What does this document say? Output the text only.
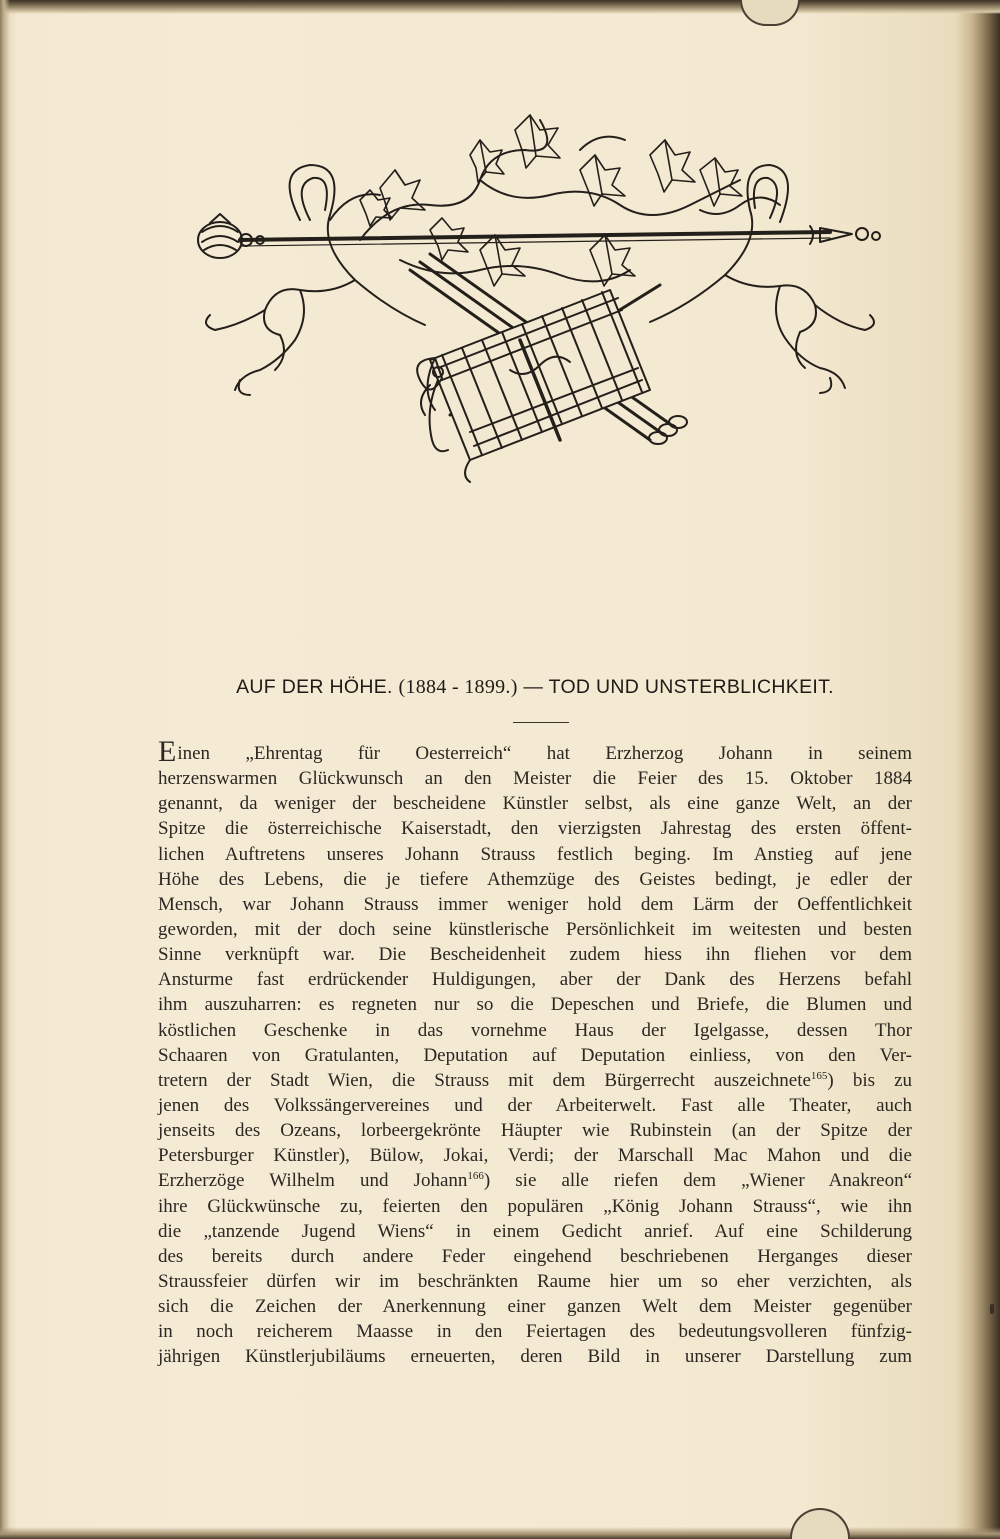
AUF DER HÖHE. (1884 - 1899.) — TOD UND UNSTERBLICHKEIT.
Einen „Ehrentag für Oesterreich“ hat Erzherzog Johann in seinem
herzenswarmen Glückwunsch an den Meister die Feier des 15. Oktober 1884
genannt, da weniger der bescheidene Künstler selbst, als eine ganze Welt, an der
Spitze die österreichische Kaiserstadt, den vierzigsten Jahrestag des ersten öffent-
lichen Auftretens unseres Johann Strauss festlich beging. Im Anstieg auf jene
Höhe des Lebens, die je tiefere Athemzüge des Geistes bedingt, je edler der
Mensch, war Johann Strauss immer weniger hold dem Lärm der Oeffentlichkeit
geworden, mit der doch seine künstlerische Persönlichkeit im weitesten und besten
Sinne verknüpft war. Die Bescheidenheit zudem hiess ihn fliehen vor dem
Ansturme fast erdrückender Huldigungen, aber der Dank des Herzens befahl
ihm auszuharren: es regneten nur so die Depeschen und Briefe, die Blumen und
köstlichen Geschenke in das vornehme Haus der Igelgasse, dessen Thor
Schaaren von Gratulanten, Deputation auf Deputation einliess, von den Ver-
tretern der Stadt Wien, die Strauss mit dem Bürgerrecht auszeichnete$^{165}$) bis zu
jenen des Volkssängervereines und der Arbeiterwelt. Fast alle Theater, auch
jenseits des Ozeans, lorbeergekrönte Häupter wie Rubinstein (an der Spitze der
Petersburger Künstler), Bülow, Jokai, Verdi; der Marschall Mac Mahon und die
Erzherzöge Wilhelm und Johann$^{166}$) sie alle riefen dem „Wiener Anakreon“
ihre Glückwünsche zu, feierten den populären „König Johann Strauss“, wie ihn
die „tanzende Jugend Wiens“ in einem Gedicht anrief. Auf eine Schilderung
des bereits durch andere Feder eingehend beschriebenen Herganges dieser
Straussfeier dürfen wir im beschränkten Raume hier um so eher verzichten, als
sich die Zeichen der Anerkennung einer ganzen Welt dem Meister gegenüber
in noch reicherem Maasse in den Feiertagen des bedeutungsvolleren fünfzig-
jährigen Künstlerjubiläums erneuerten, deren Bild in unserer Darstellung zum
